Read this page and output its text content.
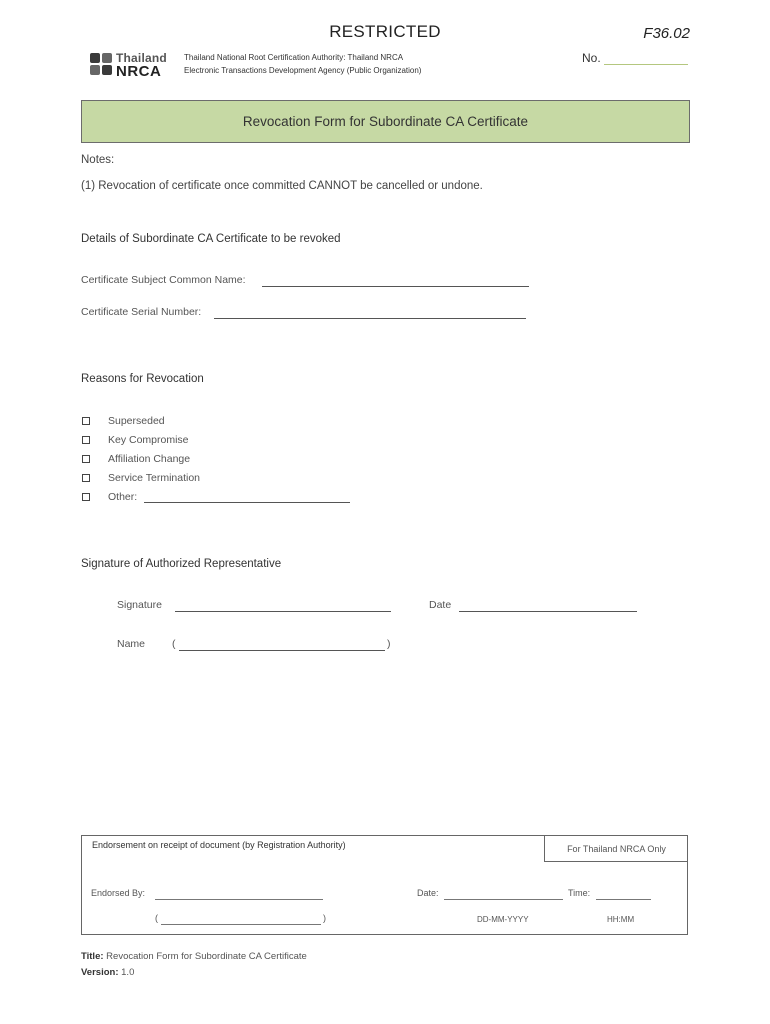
RESTRICTED	F36.02
Thailand
NRCA
Thailand National Root Certification Authority: Thailand NRCA
Electronic Transactions Development Agency (Public Organization)
No.
Revocation Form for Subordinate CA Certificate
Notes:
(1) Revocation of certificate once committed CANNOT be cancelled or undone.
Details of Subordinate CA Certificate to be revoked
Certificate Subject Common Name:
Certificate Serial Number:
Reasons for Revocation
Superseded
Key Compromise
Affiliation Change
Service Termination
Other:
Signature of Authorized Representative
Signature	Date
Name	(	)
Endorsement on receipt of document (by Registration Authority)	For Thailand NRCA Only
Endorsed By:	Date:	Time:
(	)	DD-MM-YYYY	HH:MM
Title: Revocation Form for Subordinate CA Certificate
Version: 1.0
